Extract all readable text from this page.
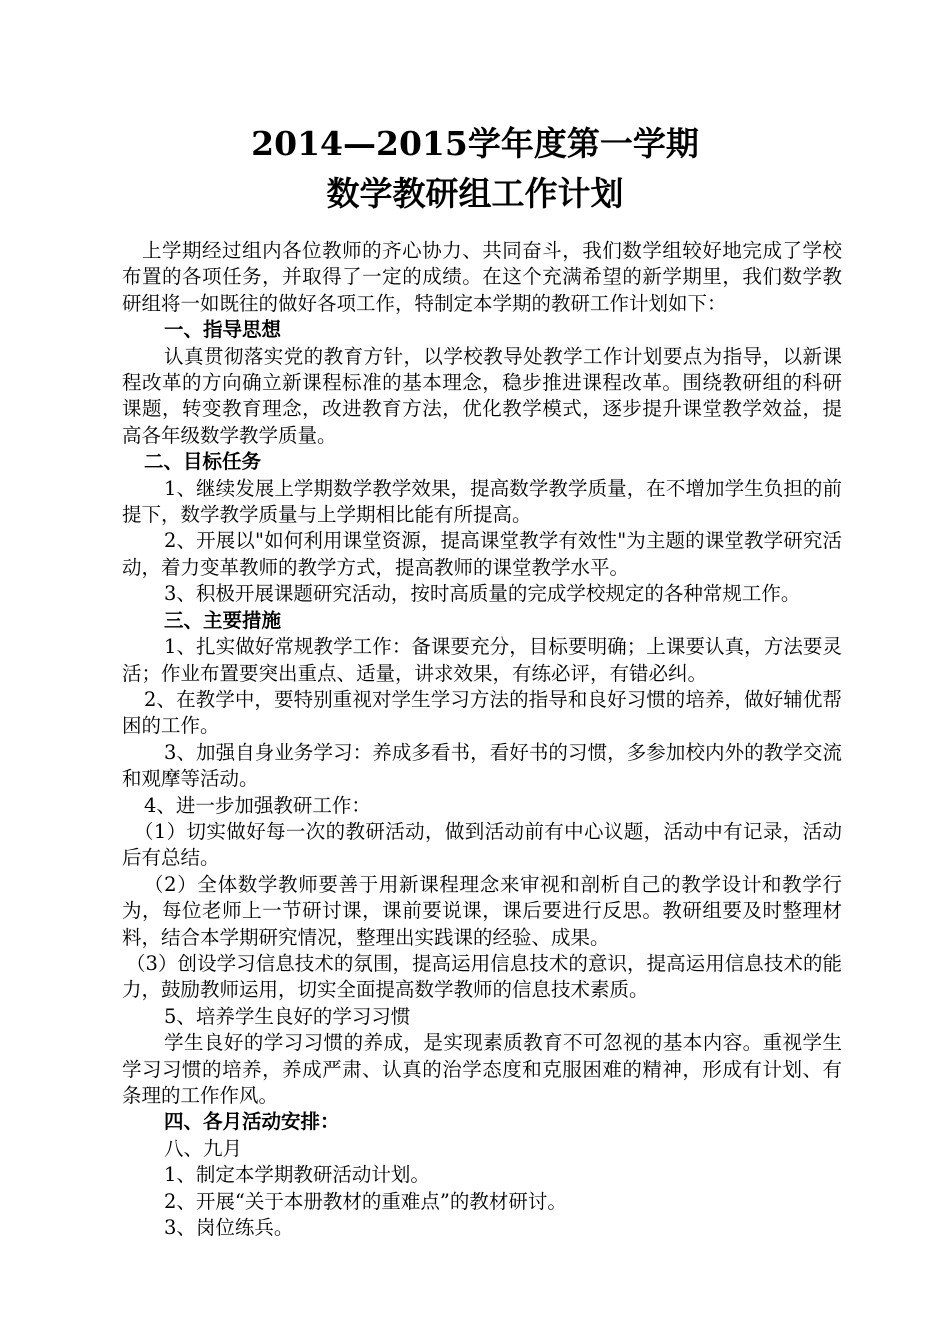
2014—2015学年度第一学期
数学教研组工作计划

上学期经过组内各位教师的齐心协力、共同奋斗，我们数学组较好地完成了学校布置的各项任务，并取得了一定的成绩。在这个充满希望的新学期里，我们数学教研组将一如既往的做好各项工作，特制定本学期的教研工作计划如下：

一、指导思想

认真贯彻落实党的教育方针，以学校教导处教学工作计划要点为指导，以新课程改革的方向确立新课程标准的基本理念，稳步推进课程改革。围绕教研组的科研课题，转变教育理念，改进教育方法，优化教学模式，逐步提升课堂教学效益，提高各年级数学教学质量。

二、目标任务

1、继续发展上学期数学教学效果，提高数学教学质量，在不增加学生负担的前提下，数学教学质量与上学期相比能有所提高。

2、开展以"如何利用课堂资源，提高课堂教学有效性"为主题的课堂教学研究活动，着力变革教师的教学方式，提高教师的课堂教学水平。

3、积极开展课题研究活动，按时高质量的完成学校规定的各种常规工作。

三、主要措施

1、扎实做好常规教学工作：备课要充分，目标要明确；上课要认真，方法要灵活；作业布置要突出重点、适量，讲求效果，有练必评，有错必纠。

2、在教学中，要特别重视对学生学习方法的指导和良好习惯的培养，做好辅优帮困的工作。

3、加强自身业务学习：养成多看书，看好书的习惯，多参加校内外的教学交流和观摩等活动。

4、进一步加强教研工作：

（1）切实做好每一次的教研活动，做到活动前有中心议题，活动中有记录，活动后有总结。

（2）全体数学教师要善于用新课程理念来审视和剖析自己的教学设计和教学行为，每位老师上一节研讨课，课前要说课，课后要进行反思。教研组要及时整理材料，结合本学期研究情况，整理出实践课的经验、成果。

（3）创设学习信息技术的氛围，提高运用信息技术的意识，提高运用信息技术的能力，鼓励教师运用，切实全面提高数学教师的信息技术素质。

5、培养学生良好的学习习惯

学生良好的学习习惯的养成，是实现素质教育不可忽视的基本内容。重视学生学习习惯的培养，养成严肃、认真的治学态度和克服困难的精神，形成有计划、有条理的工作作风。

四、各月活动安排：

八、九月

1、制定本学期教研活动计划。

2、开展“关于本册教材的重难点”的教材研讨。

3、岗位练兵。
